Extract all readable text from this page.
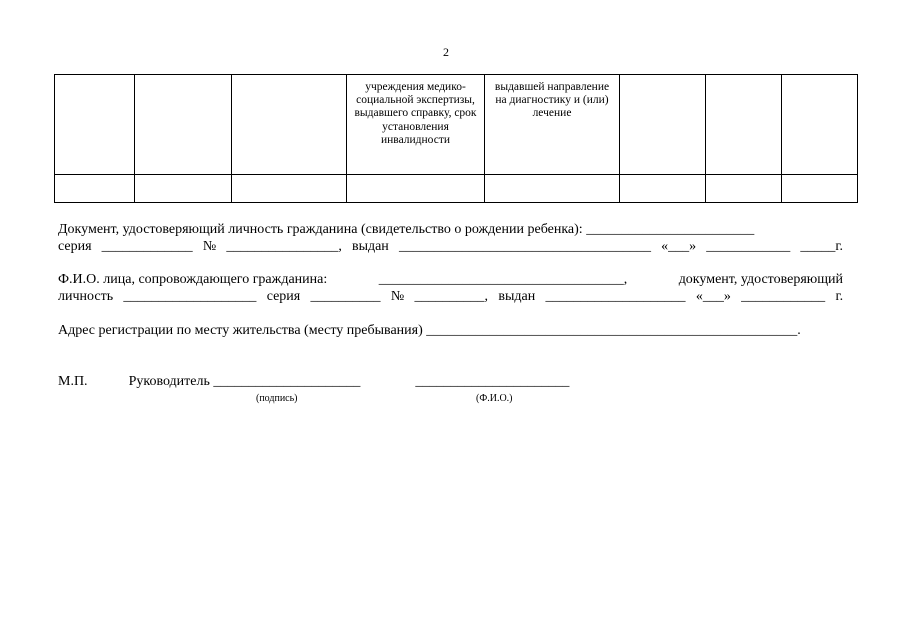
2

			учреждения медико-социальной экспертизы, выдавшего справку, срок установления инвалидности	выдавшей направление на диагностику и (или) лечение			

Документ, удостоверяющий личность гражданина (свидетельство о рождении ребенка): ________________________
серия _____________ № ________________, выдан ____________________________________ «___» ____________ _____г.
Ф.И.О. лица, сопровождающего гражданина:	___________________________________,	документ, удостоверяющий
личность ___________________ серия __________ № __________, выдан ____________________ «___» ____________ г.
Адрес регистрации по месту жительства (месту пребывания) _____________________________________________________.
М.П.	Руководитель _____________________	______________________
(подпись)	(Ф.И.О.)
